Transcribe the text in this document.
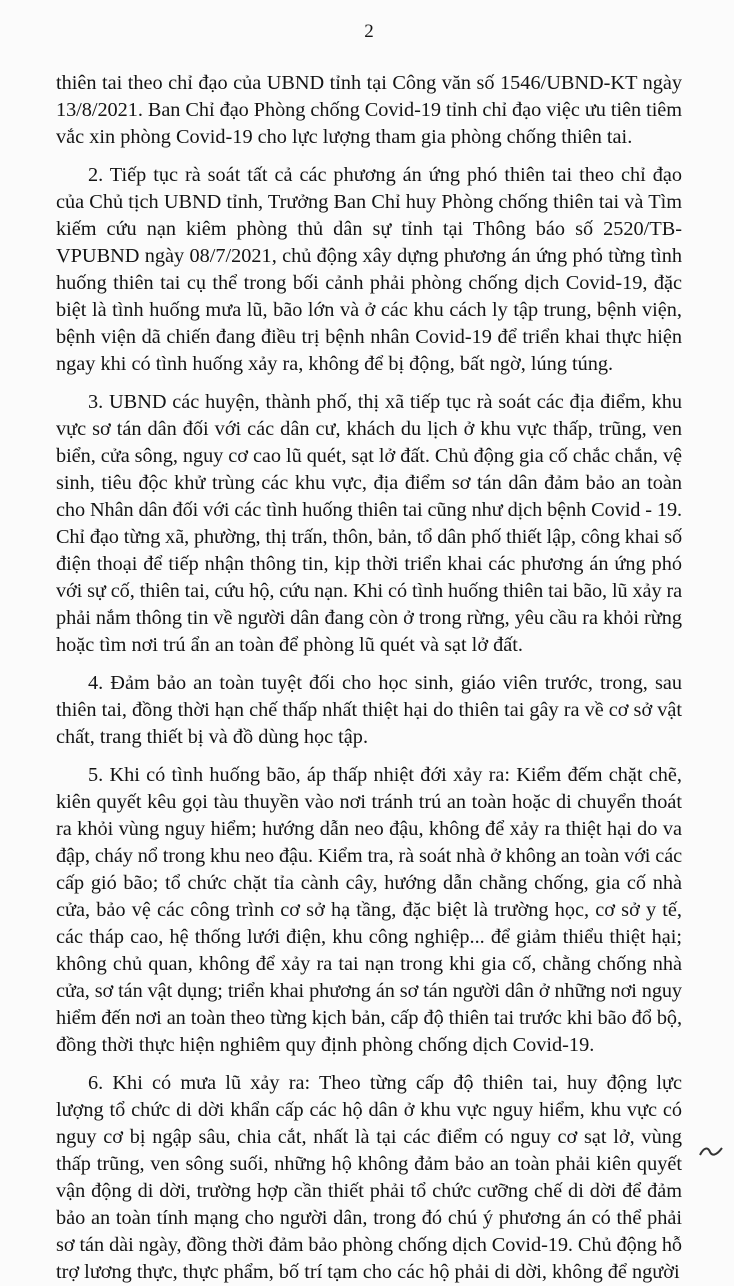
2
thiên tai theo chỉ đạo của UBND tỉnh tại Công văn số 1546/UBND-KT ngày
13/8/2021. Ban Chỉ đạo Phòng chống Covid-19 tỉnh chỉ đạo việc ưu tiên tiêm
vắc xin phòng Covid-19 cho lực lượng tham gia phòng chống thiên tai.
2. Tiếp tục rà soát tất cả các phương án ứng phó thiên tai theo chỉ đạo
của Chủ tịch UBND tỉnh, Trưởng Ban Chỉ huy Phòng chống thiên tai và Tìm
kiếm cứu nạn kiêm phòng thủ dân sự tỉnh tại Thông báo số 2520/TB-
VPUBND ngày 08/7/2021, chủ động xây dựng phương án ứng phó từng tình
huống thiên tai cụ thể trong bối cảnh phải phòng chống dịch Covid-19, đặc
biệt là tình huống mưa lũ, bão lớn và ở các khu cách ly tập trung, bệnh viện,
bệnh viện dã chiến đang điều trị bệnh nhân Covid-19 để triển khai thực hiện
ngay khi có tình huống xảy ra, không để bị động, bất ngờ, lúng túng.
3. UBND các huyện, thành phố, thị xã tiếp tục rà soát các địa điểm, khu
vực sơ tán dân đối với các dân cư, khách du lịch ở khu vực thấp, trũng, ven
biển, cửa sông, nguy cơ cao lũ quét, sạt lở đất. Chủ động gia cố chắc chắn, vệ
sinh, tiêu độc khử trùng các khu vực, địa điểm sơ tán dân đảm bảo an toàn
cho Nhân dân đối với các tình huống thiên tai cũng như dịch bệnh Covid - 19.
Chỉ đạo từng xã, phường, thị trấn, thôn, bản, tổ dân phố thiết lập, công khai số
điện thoại để tiếp nhận thông tin, kịp thời triển khai các phương án ứng phó
với sự cố, thiên tai, cứu hộ, cứu nạn. Khi có tình huống thiên tai bão, lũ xảy ra
phải nắm thông tin về người dân đang còn ở trong rừng, yêu cầu ra khỏi rừng
hoặc tìm nơi trú ẩn an toàn để phòng lũ quét và sạt lở đất.
4. Đảm bảo an toàn tuyệt đối cho học sinh, giáo viên trước, trong, sau
thiên tai, đồng thời hạn chế thấp nhất thiệt hại do thiên tai gây ra về cơ sở vật
chất, trang thiết bị và đồ dùng học tập.
5. Khi có tình huống bão, áp thấp nhiệt đới xảy ra: Kiểm đếm chặt chẽ,
kiên quyết kêu gọi tàu thuyền vào nơi tránh trú an toàn hoặc di chuyển thoát
ra khỏi vùng nguy hiểm; hướng dẫn neo đậu, không để xảy ra thiệt hại do va
đập, cháy nổ trong khu neo đậu. Kiểm tra, rà soát nhà ở không an toàn với các
cấp gió bão; tổ chức chặt tỉa cành cây, hướng dẫn chằng chống, gia cố nhà
cửa, bảo vệ các công trình cơ sở hạ tầng, đặc biệt là trường học, cơ sở y tế,
các tháp cao, hệ thống lưới điện, khu công nghiệp... để giảm thiểu thiệt hại;
không chủ quan, không để xảy ra tai nạn trong khi gia cố, chằng chống nhà
cửa, sơ tán vật dụng; triển khai phương án sơ tán người dân ở những nơi nguy
hiểm đến nơi an toàn theo từng kịch bản, cấp độ thiên tai trước khi bão đổ bộ,
đồng thời thực hiện nghiêm quy định phòng chống dịch Covid-19.
6. Khi có mưa lũ xảy ra: Theo từng cấp độ thiên tai, huy động lực
lượng tổ chức di dời khẩn cấp các hộ dân ở khu vực nguy hiểm, khu vực có
nguy cơ bị ngập sâu, chia cắt, nhất là tại các điểm có nguy cơ sạt lở, vùng
thấp trũng, ven sông suối, những hộ không đảm bảo an toàn phải kiên quyết
vận động di dời, trường hợp cần thiết phải tổ chức cưỡng chế di dời để đảm
bảo an toàn tính mạng cho người dân, trong đó chú ý phương án có thể phải
sơ tán dài ngày, đồng thời đảm bảo phòng chống dịch Covid-19. Chủ động hỗ
trợ lương thực, thực phẩm, bố trí tạm cho các hộ phải di dời, không để người
